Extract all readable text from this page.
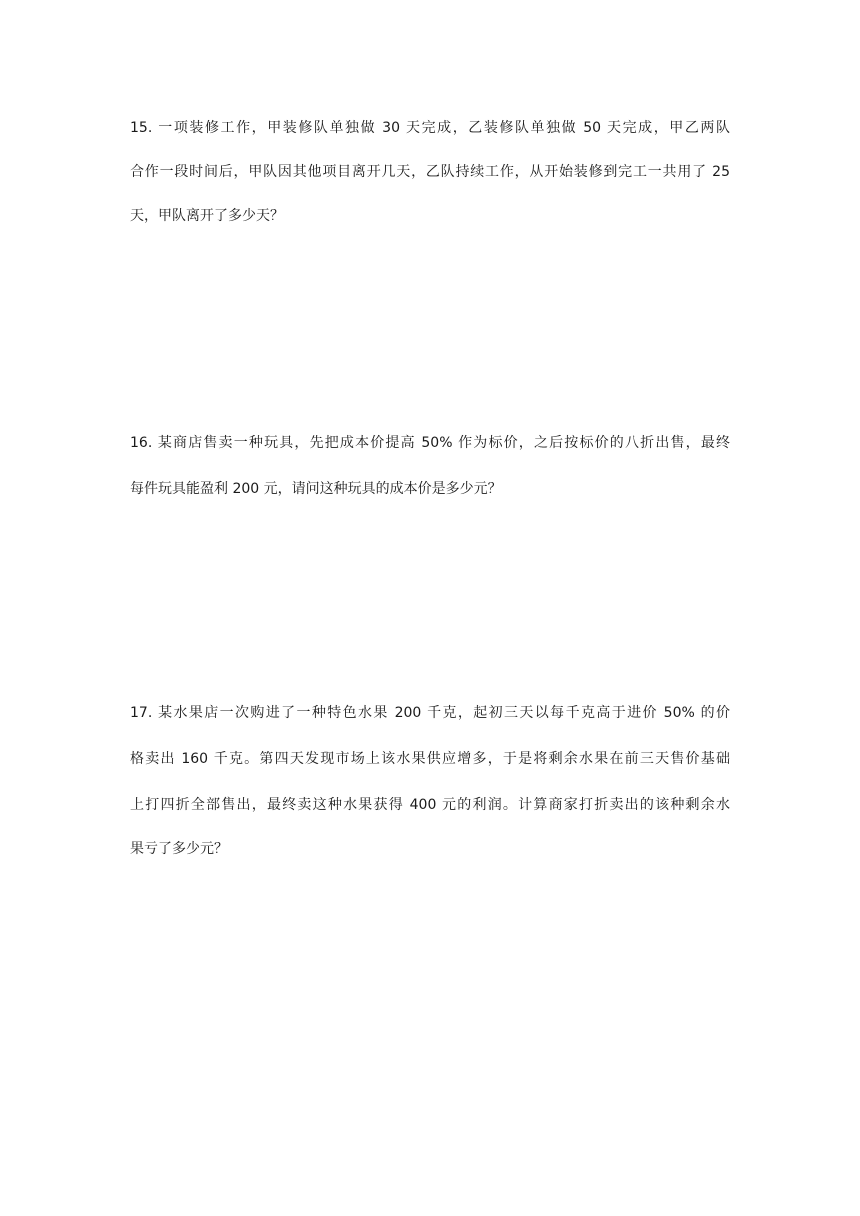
15. 一项装修工作，甲装修队单独做 30 天完成，乙装修队单独做 50 天完成，甲乙两队
合作一段时间后，甲队因其他项目离开几天，乙队持续工作，从开始装修到完工一共用了 25
天，甲队离开了多少天？
16. 某商店售卖一种玩具，先把成本价提高 50% 作为标价，之后按标价的八折出售，最终
每件玩具能盈利 200 元，请问这种玩具的成本价是多少元？
17. 某水果店一次购进了一种特色水果 200 千克，起初三天以每千克高于进价 50% 的价
格卖出 160 千克。第四天发现市场上该水果供应增多，于是将剩余水果在前三天售价基础
上打四折全部售出，最终卖这种水果获得 400 元的利润。计算商家打折卖出的该种剩余水
果亏了多少元？
